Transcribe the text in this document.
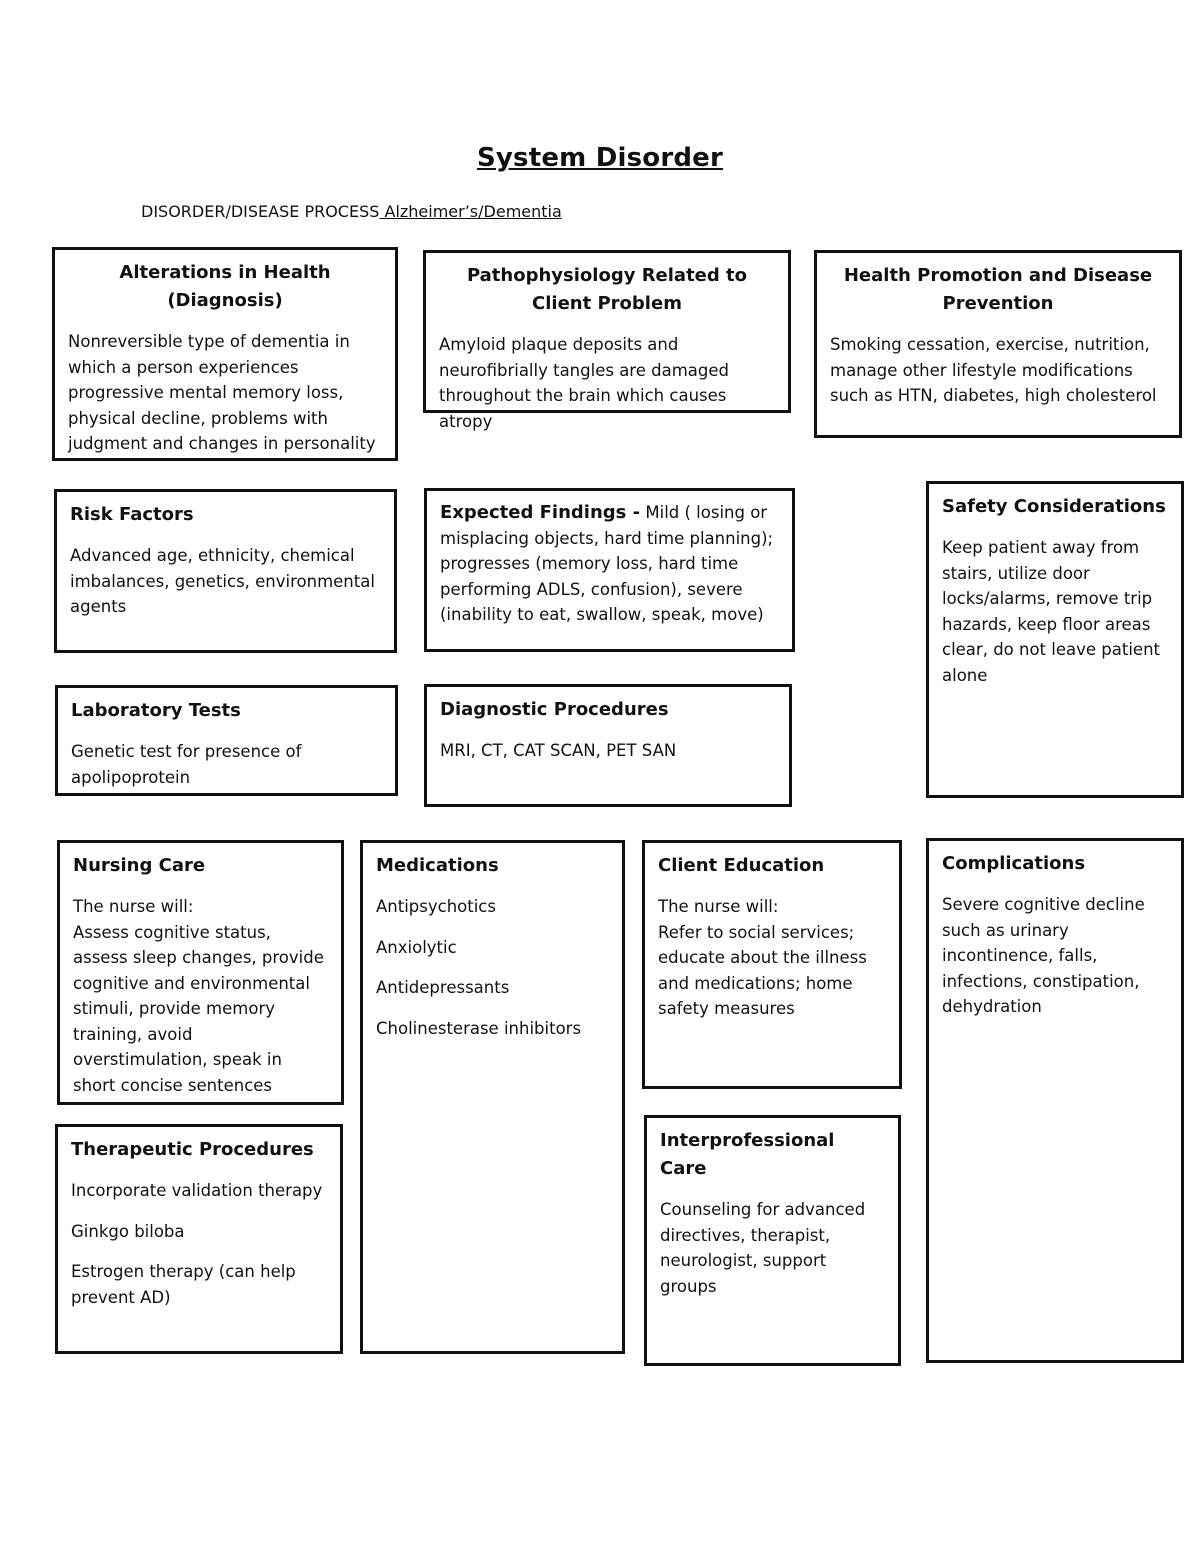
System Disorder
DISORDER/DISEASE PROCESS Alzheimer’s/Dementia
Alterations in Health (Diagnosis)

Nonreversible type of dementia in which a person experiences progressive mental memory loss, physical decline, problems with judgment and changes in personality

Pathophysiology Related to Client Problem

Amyloid plaque deposits and neurofibrially tangles are damaged throughout the brain which causes atropy

Health Promotion and Disease Prevention

Smoking cessation, exercise, nutrition, manage other lifestyle modifications such as HTN, diabetes, high cholesterol

Risk Factors

Advanced age, ethnicity, chemical imbalances, genetics, environmental agents

Expected Findings - Mild ( losing or misplacing objects, hard time planning); progresses (memory loss, hard time performing ADLS, confusion), severe (inability to eat, swallow, speak, move)

Safety Considerations

Keep patient away from stairs, utilize door locks/alarms, remove trip hazards, keep floor areas clear, do not leave patient alone

Laboratory Tests

Genetic test for presence of apolipoprotein

Diagnostic Procedures

MRI, CT, CAT SCAN, PET SAN

Nursing Care

The nurse will:

Assess cognitive status, assess sleep changes, provide cognitive and environmental stimuli, provide memory training, avoid overstimulation, speak in short concise sentences

Medications

Antipsychotics

Anxiolytic

Antidepressants

Cholinesterase inhibitors

Client Education

The nurse will:

Refer to social services; educate about the illness and medications; home safety measures

Complications

Severe cognitive decline such as urinary incontinence, falls, infections, constipation, dehydration

Therapeutic Procedures

Incorporate validation therapy

Ginkgo biloba

Estrogen therapy (can help prevent AD)

Interprofessional Care

Counseling for advanced directives, therapist, neurologist, support groups
